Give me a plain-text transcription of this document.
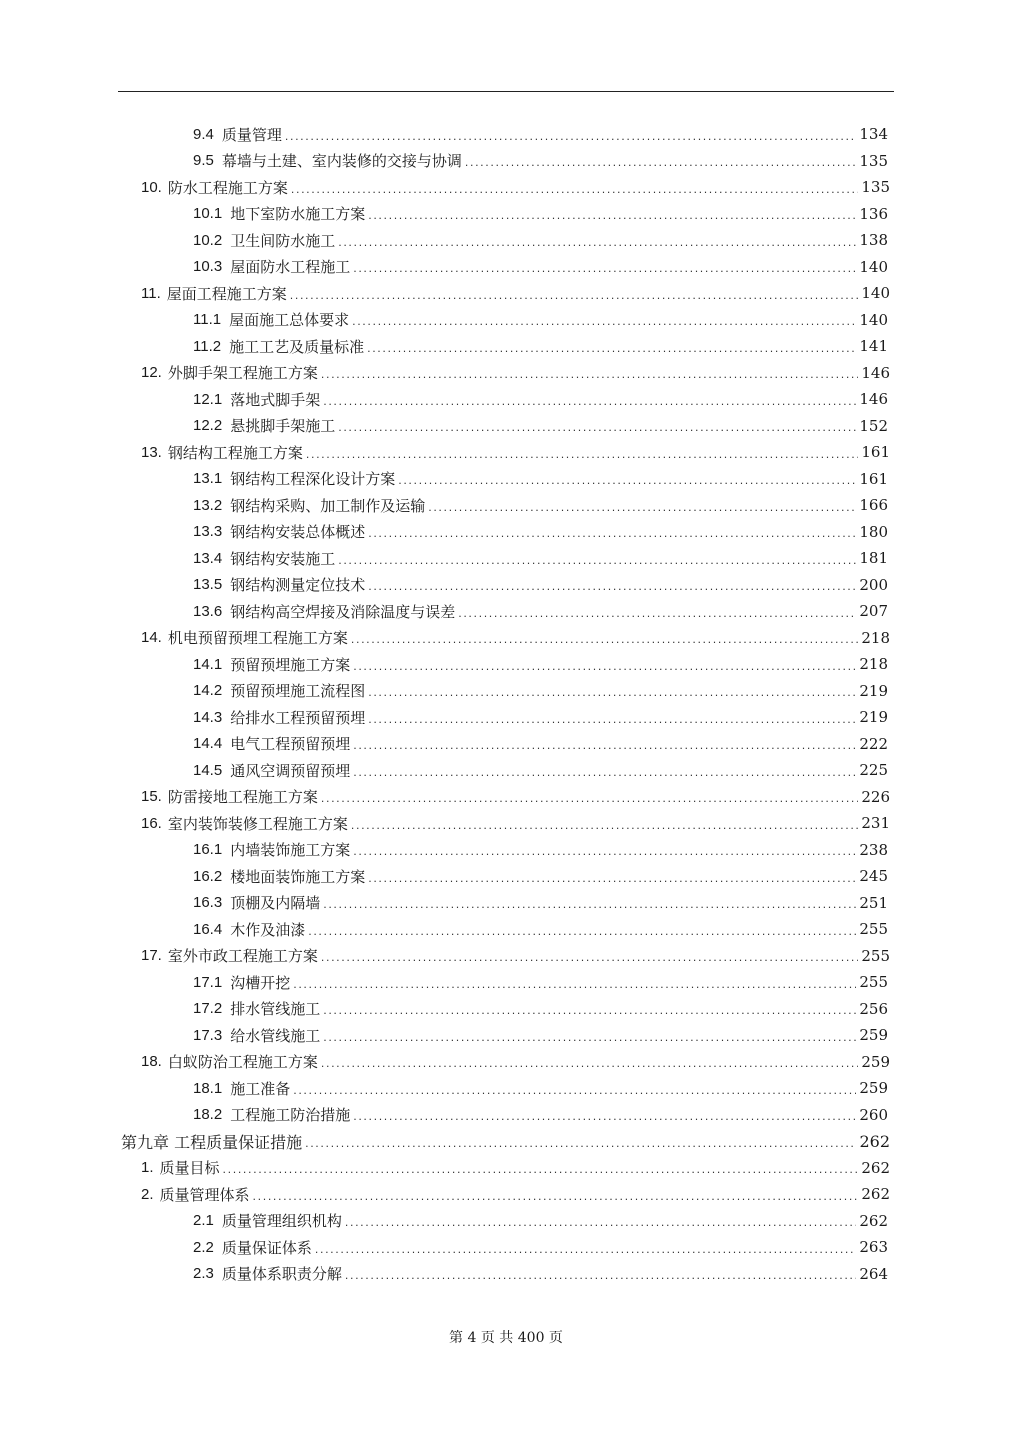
9.4 质量管理 .....	134
9.5 幕墙与土建、室内装修的交接与协调 .....	135
10. 防水工程施工方案 .....	135
10.1 地下室防水施工方案 .....	136
10.2 卫生间防水施工 .....	138
10.3 屋面防水工程施工 .....	140
11. 屋面工程施工方案 .....	140
11.1 屋面施工总体要求 .....	140
11.2 施工工艺及质量标准 .....	141
12. 外脚手架工程施工方案 .....	146
12.1 落地式脚手架 .....	146
12.2 悬挑脚手架施工 .....	152
13. 钢结构工程施工方案 .....	161
13.1 钢结构工程深化设计方案 .....	161
13.2 钢结构采购、加工制作及运输 .....	166
13.3 钢结构安装总体概述 .....	180
13.4 钢结构安装施工 .....	181
13.5 钢结构测量定位技术 .....	200
13.6 钢结构高空焊接及消除温度与误差 .....	207
14. 机电预留预埋工程施工方案 .....	218
14.1 预留预埋施工方案 .....	218
14.2 预留预埋施工流程图 .....	219
14.3 给排水工程预留预埋 .....	219
14.4 电气工程预留预埋 .....	222
14.5 通风空调预留预埋 .....	225
15. 防雷接地工程施工方案 .....	226
16. 室内装饰装修工程施工方案 .....	231
16.1 内墙装饰施工方案 .....	238
16.2 楼地面装饰施工方案 .....	245
16.3 顶棚及内隔墙 .....	251
16.4 木作及油漆 .....	255
17. 室外市政工程施工方案 .....	255
17.1 沟槽开挖 .....	255
17.2 排水管线施工 .....	256
17.3 给水管线施工 .....	259
18. 白蚁防治工程施工方案 .....	259
18.1 施工准备 .....	259
18.2 工程施工防治措施 .....	260
第九章 工程质量保证措施 .....	262
1. 质量目标 .....	262
2. 质量管理体系 .....	262
2.1 质量管理组织机构 .....	262
2.2 质量保证体系 .....	263
2.3 质量体系职责分解 .....	264
第 4 页 共 400 页
